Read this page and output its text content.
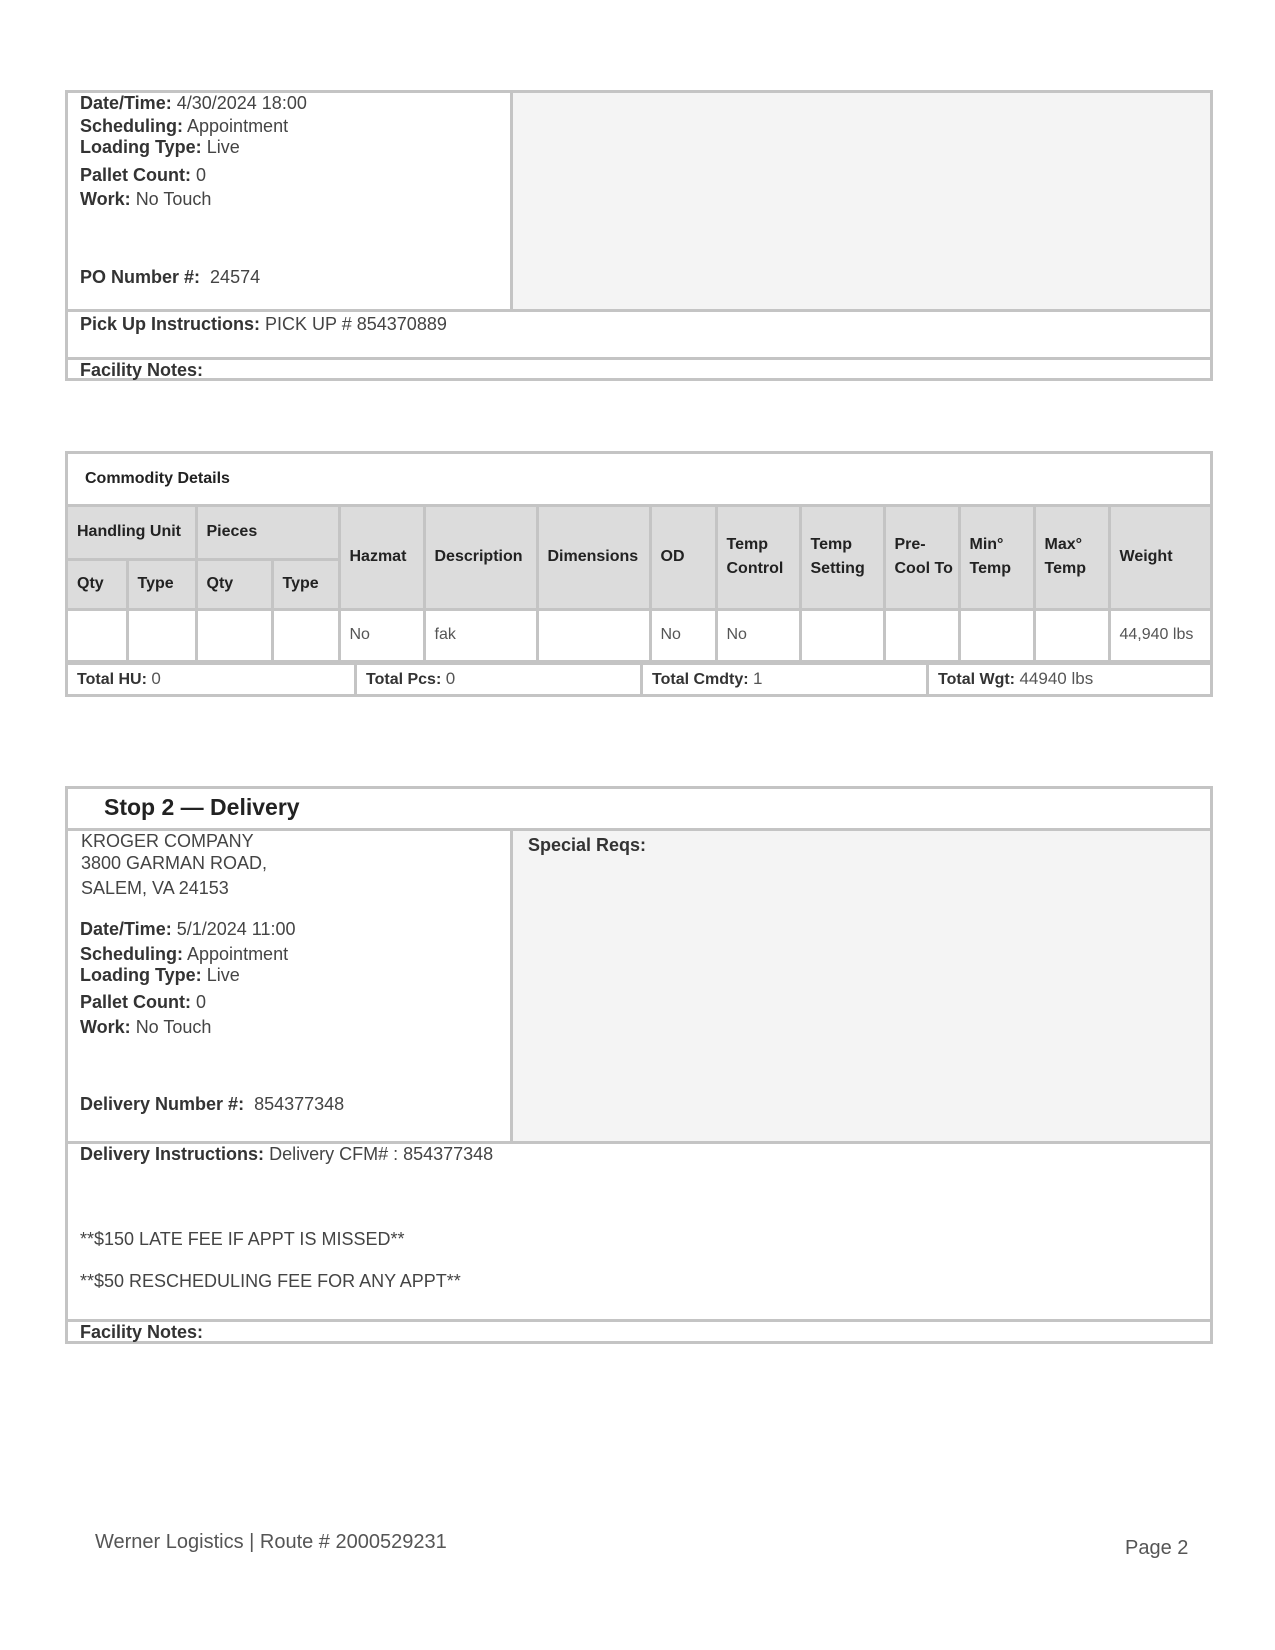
Date/Time: 4/30/2024 18:00
Scheduling: Appointment
Loading Type: Live
Pallet Count: 0
Work: No Touch
PO Number #: 24574
Pick Up Instructions: PICK UP # 854370889
Facility Notes:
Commodity Details
Handling Unit		Pieces		Hazmat	Description	Dimensions	OD	Temp Control	Temp Setting	Pre-Cool To	Min° Temp	Max° Temp	Weight
Qty	Type	Qty	Type										
				No	fak		No	No					44,940 lbs
Total HU: 0	Total Pcs: 0	Total Cmdty: 1	Total Wgt: 44940 lbs
Stop 2 — Delivery
KROGER COMPANY
3800 GARMAN ROAD,
SALEM, VA 24153
Date/Time: 5/1/2024 11:00
Scheduling: Appointment
Loading Type: Live
Pallet Count: 0
Work: No Touch
Delivery Number #: 854377348
Special Reqs:
Delivery Instructions: Delivery CFM# : 854377348
**$150 LATE FEE IF APPT IS MISSED**
**$50 RESCHEDULING FEE FOR ANY APPT**
Facility Notes:
Werner Logistics | Route # 2000529231	Page 2
